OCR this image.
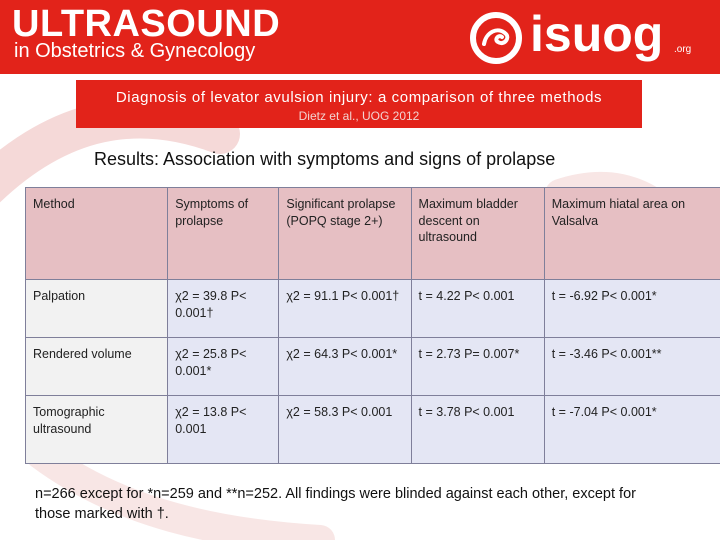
ULTRASOUND
in Obstetrics & Gynecology	isuog .org
Diagnosis of levator avulsion injury: a comparison of three methods
Dietz et al., UOG 2012
Results: Association with symptoms and signs of prolapse
Method	Symptoms of prolapse	Significant prolapse (POPQ stage 2+)	Maximum bladder descent on ultrasound	Maximum hiatal area on Valsalva
Palpation	χ2 = 39.8 P< 0.001†	χ2 = 91.1 P< 0.001†	t = 4.22 P< 0.001	t = -6.92 P< 0.001*
Rendered volume	χ2 = 25.8 P< 0.001*	χ2 = 64.3 P< 0.001*	t = 2.73 P= 0.007*	t = -3.46 P< 0.001**
Tomographic ultrasound	χ2 = 13.8 P< 0.001	χ2 = 58.3 P< 0.001	t = 3.78 P< 0.001	t = -7.04 P< 0.001*
n=266 except for *n=259 and **n=252. All findings were blinded against each other, except for those marked with †.
